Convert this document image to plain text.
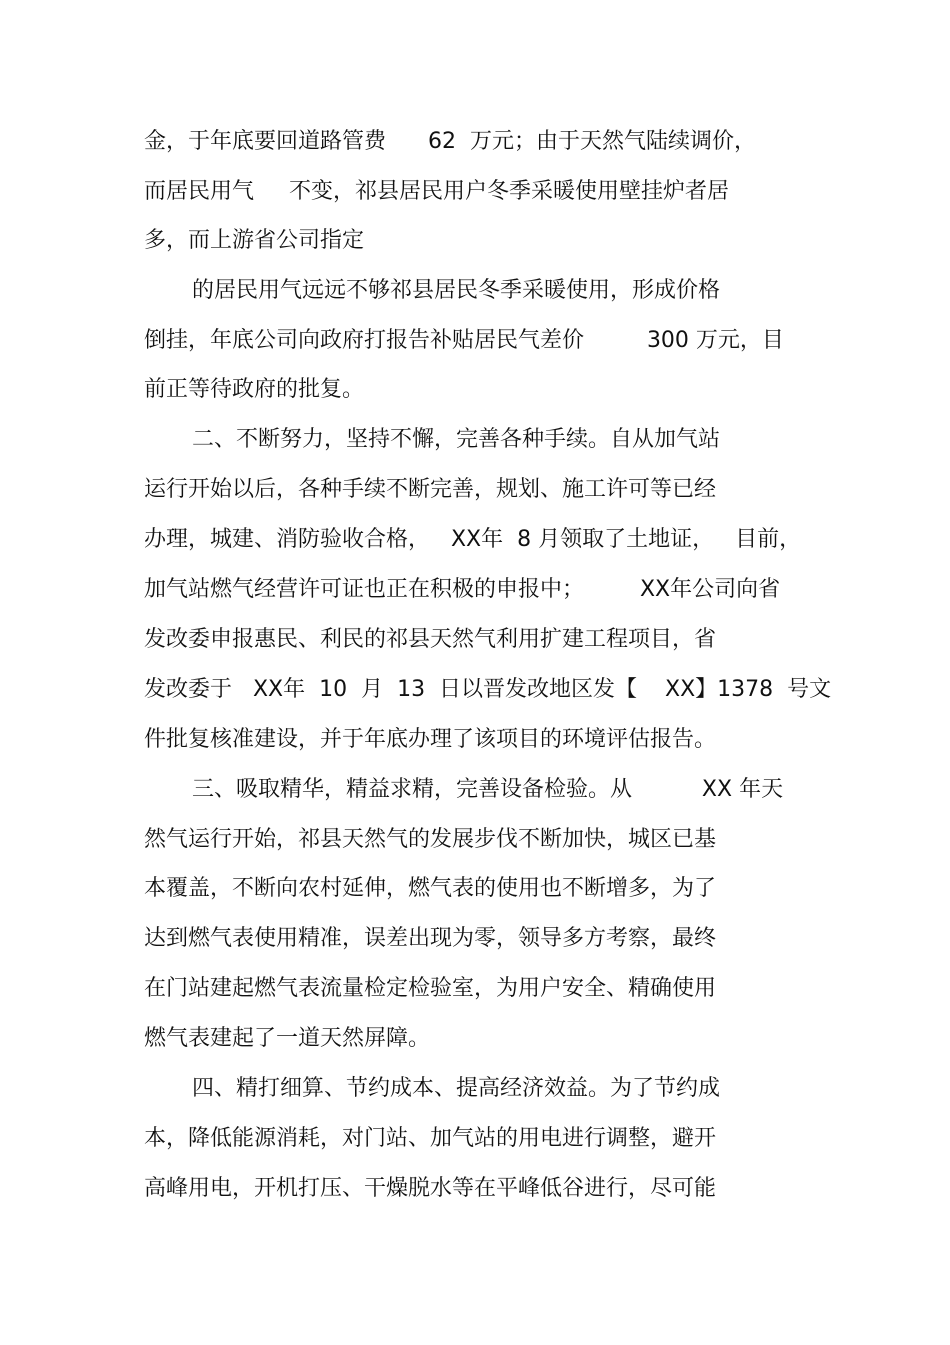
金，于年底要回道路管费      62  万元；由于天然气陆续调价，
而居民用气     不变，祁县居民用户冬季采暖使用壁挂炉者居
多，而上游省公司指定
的居民用气远远不够祁县居民冬季采暖使用，形成价格
倒挂，年底公司向政府打报告补贴居民气差价         300 万元，目
前正等待政府的批复。
二、不断努力，坚持不懈，完善各种手续。自从加气站
运行开始以后，各种手续不断完善，规划、施工许可等已经
办理，城建、消防验收合格，   XX年  8 月领取了土地证，   目前，
加气站燃气经营许可证也正在积极的申报中；        XX年公司向省
发改委申报惠民、利民的祁县天然气利用扩建工程项目，省
发改委于   XX年  10  月  13  日以晋发改地区发【    XX】1378  号文
件批复核准建设，并于年底办理了该项目的环境评估报告。
三、吸取精华，精益求精，完善设备检验。从          XX 年天
然气运行开始，祁县天然气的发展步伐不断加快，城区已基
本覆盖，不断向农村延伸，燃气表的使用也不断增多，为了
达到燃气表使用精准，误差出现为零，领导多方考察，最终
在门站建起燃气表流量检定检验室，为用户安全、精确使用
燃气表建起了一道天然屏障。
四、精打细算、节约成本、提高经济效益。为了节约成
本，降低能源消耗，对门站、加气站的用电进行调整，避开
高峰用电，开机打压、干燥脱水等在平峰低谷进行，尽可能
